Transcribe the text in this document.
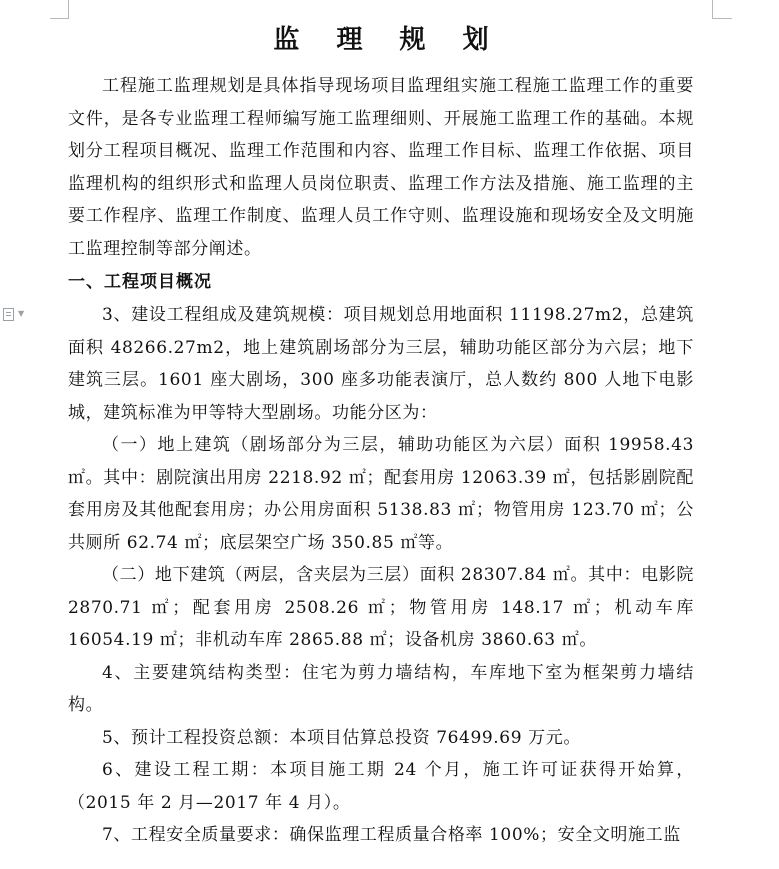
▼
监 理 规 划

工程施工监理规划是具体指导现场项目监理组实施工程施工监理工作的重要文件，是各专业监理工程师编写施工监理细则、开展施工监理工作的基础。本规划分工程项目概况、监理工作范围和内容、监理工作目标、监理工作依据、项目监理机构的组织形式和监理人员岗位职责、监理工作方法及措施、施工监理的主要工作程序、监理工作制度、监理人员工作守则、监理设施和现场安全及文明施工监理控制等部分阐述。

一、工程项目概况

3、建设工程组成及建筑规模：项目规划总用地面积 11198.27m2，总建筑面积 48266.27m2，地上建筑剧场部分为三层，辅助功能区部分为六层；地下建筑三层。1601 座大剧场，300 座多功能表演厅，总人数约 800 人地下电影城，建筑标准为甲等特大型剧场。功能分区为：

（一）地上建筑（剧场部分为三层，辅助功能区为六层）面积 19958.43 ㎡。其中：剧院演出用房 2218.92 ㎡；配套用房 12063.39 ㎡，包括影剧院配套用房及其他配套用房；办公用房面积 5138.83 ㎡；物管用房 123.70 ㎡；公共厕所 62.74 ㎡；底层架空广场 350.85 ㎡等。

（二）地下建筑（两层，含夹层为三层）面积 28307.84 ㎡。其中：电影院 2870.71 ㎡；配套用房 2508.26 ㎡；物管用房 148.17 ㎡；机动车库 16054.19 ㎡；非机动车库 2865.88 ㎡；设备机房 3860.63 ㎡。

4、主要建筑结构类型：住宅为剪力墙结构，车库地下室为框架剪力墙结构。

5、预计工程投资总额：本项目估算总投资 76499.69 万元。

6、建设工程工期：本项目施工期 24 个月，施工许可证获得开始算，（2015 年 2 月—2017 年 4 月）。

7、工程安全质量要求：确保监理工程质量合格率 100%；安全文明施工监
